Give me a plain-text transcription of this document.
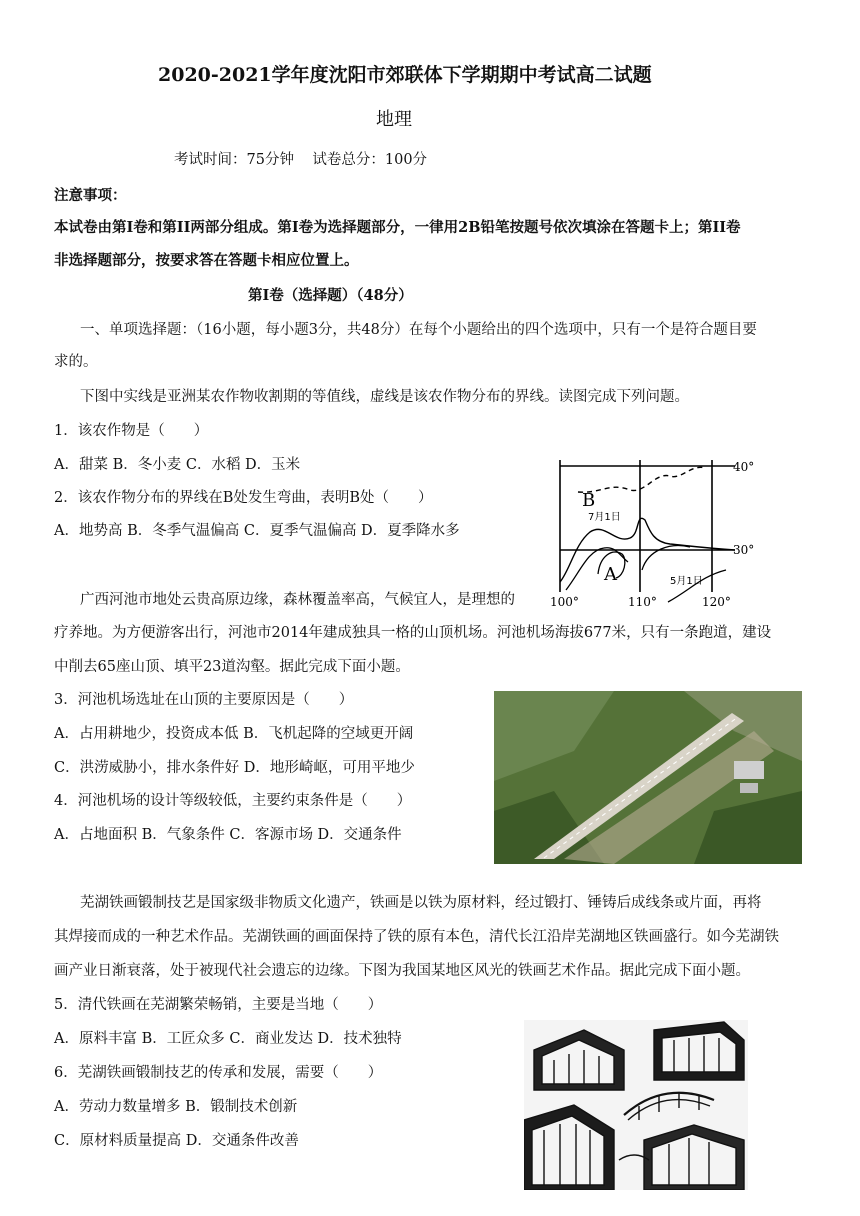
2020-2021学年度沈阳市郊联体下学期期中考试高二试题
地理
考试时间：75分钟    试卷总分：100分
注意事项：
本试卷由第Ⅰ卷和第II两部分组成。第Ⅰ卷为选择题部分，一律用2B铅笔按题号依次填涂在答题卡上；第II卷
非选择题部分，按要求答在答题卡相应位置上。
第Ⅰ卷（选择题）（48分）
一、单项选择题：（16小题，每小题3分，共48分）在每个小题给出的四个选项中，只有一个是符合题目要
求的。
下图中实线是亚洲某农作物收割期的等值线，虚线是该农作物分布的界线。读图完成下列问题。
1．该农作物是（　　）
A．甜菜 B．冬小麦 C．水稻 D．玉米
2．该农作物分布的界线在B处发生弯曲，表明B处（　　）
A．地势高 B．冬季气温偏高 C．夏季气温偏高 D．夏季降水多
40°
30°
100°	110°	120°
B
A
7月1日
5月1日
广西河池市地处云贵高原边缘，森林覆盖率高，气候宜人，是理想的
疗养地。为方便游客出行，河池市2014年建成独具一格的山顶机场。河池机场海拔677米，只有一条跑道，建设
中削去65座山顶、填平23道沟壑。据此完成下面小题。
3．河池机场选址在山顶的主要原因是（　　）
A．占用耕地少，投资成本低 B．飞机起降的空域更开阔
C．洪涝威胁小，排水条件好 D．地形崎岖，可用平地少
4．河池机场的设计等级较低，主要约束条件是（　　）
A．占地面积 B．气象条件 C．客源市场 D．交通条件
芜湖铁画锻制技艺是国家级非物质文化遗产，铁画是以铁为原材料，经过锻打、锤铸后成线条或片面，再将
其焊接而成的一种艺术作品。芜湖铁画的画面保持了铁的原有本色，清代长江沿岸芜湖地区铁画盛行。如今芜湖铁
画产业日渐衰落，处于被现代社会遗忘的边缘。下图为我国某地区风光的铁画艺术作品。据此完成下面小题。
5．清代铁画在芜湖繁荣畅销，主要是当地（　　）
A．原料丰富 B．工匠众多 C．商业发达 D．技术独特
6．芜湖铁画锻制技艺的传承和发展，需要（　　）
A．劳动力数量增多 B．锻制技术创新
C．原材料质量提高 D．交通条件改善
